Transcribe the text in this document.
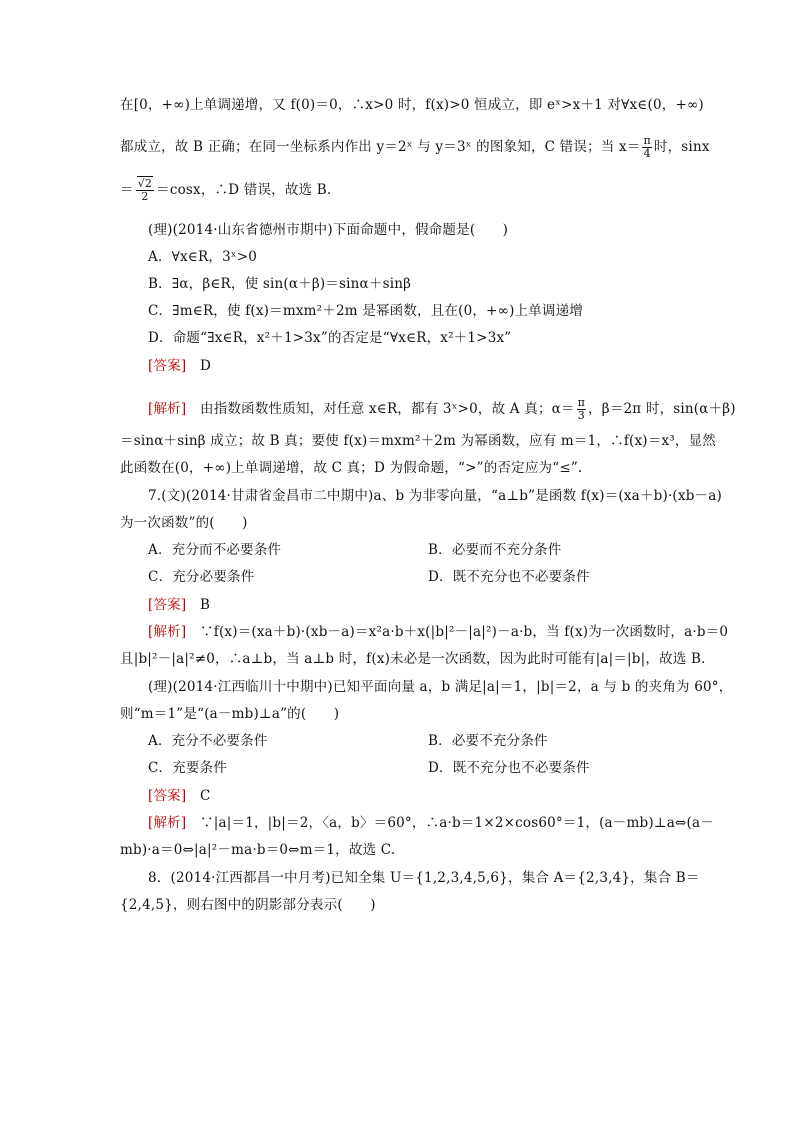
在[0，+∞)上单调递增，又 f(0)＝0，∴x>0 时，f(x)>0 恒成立，即 eˣ>x＋1 对∀x∈(0，+∞)
都成立，故 B 正确；在同一坐标系内作出 y＝2ˣ 与 y＝3ˣ 的图象知，C 错误；当 $x= \frac{\pi}{4}$ 时，sinx
＝ $\frac{√2}{2} =\cos x$，∴D 错误，故选 B.
(理)(2014·山东省德州市期中)下面命题中，假命题是(　　)
A．∀x∈R，3ˣ>0
B．∃α，β∈R，使 sin(α＋β)＝sinα＋sinβ
C．∃m∈R，使 f(x)＝mxm²＋2m 是幂函数，且在(0，+∞)上单调递增
D．命题“∃x∈R，x²＋1>3x”的否定是“∀x∈R，x²＋1>3x”
[答案]　 D
[解析]　 由指数函数性质知，对任意 x∈R，都有 3ˣ>0，故 A 真；$\alpha= \frac{\pi}{3}$ ，β＝2π 时，sin(α＋β)
＝sinα＋sinβ 成立；故 B 真；要使 f(x)＝mxm²＋2m 为幂函数，应有 m＝1，∴f(x)＝x³，显然
此函数在(0，+∞)上单调递增，故 C 真；D 为假命题，“>”的否定应为“≤”.
7.(文)(2014·甘肃省金昌市二中期中)a、b 为非零向量，“a⊥b”是函数 f(x)＝(xa＋b)·(xb－a)
为一次函数”的(　　)
A．充分而不必要条件	B．必要而不充分条件
C．充分必要条件	D．既不充分也不必要条件
[答案]　 B
[解析]　 ∵f(x)＝(xa＋b)·(xb－a)＝x²a·b＋x(|b|²－|a|²)－a·b，当 f(x)为一次函数时，a·b＝0
且|b|²－|a|²≠0，∴a⊥b，当 a⊥b 时，f(x)未必是一次函数，因为此时可能有|a|＝|b|，故选 B.
(理)(2014·江西临川十中期中)已知平面向量 a，b 满足|a|＝1，|b|＝2，a 与 b 的夹角为 60°，
则“m＝1”是“(a－mb)⊥a”的(　　)
A．充分不必要条件	B．必要不充分条件
C．充要条件	D．既不充分也不必要条件
[答案]　 C
[解析]　 ∵|a|＝1，|b|＝2，〈a，b〉＝60°，∴a·b＝1×2×cos60°＝1，(a－mb)⊥a⇔(a－
mb)·a＝0⇔|a|²－ma·b＝0⇔m＝1，故选 C.
8．(2014·江西都昌一中月考)已知全集 U＝{1,2,3,4,5,6}，集合 A＝{2,3,4}，集合 B＝
{2,4,5}，则右图中的阴影部分表示(　　)
